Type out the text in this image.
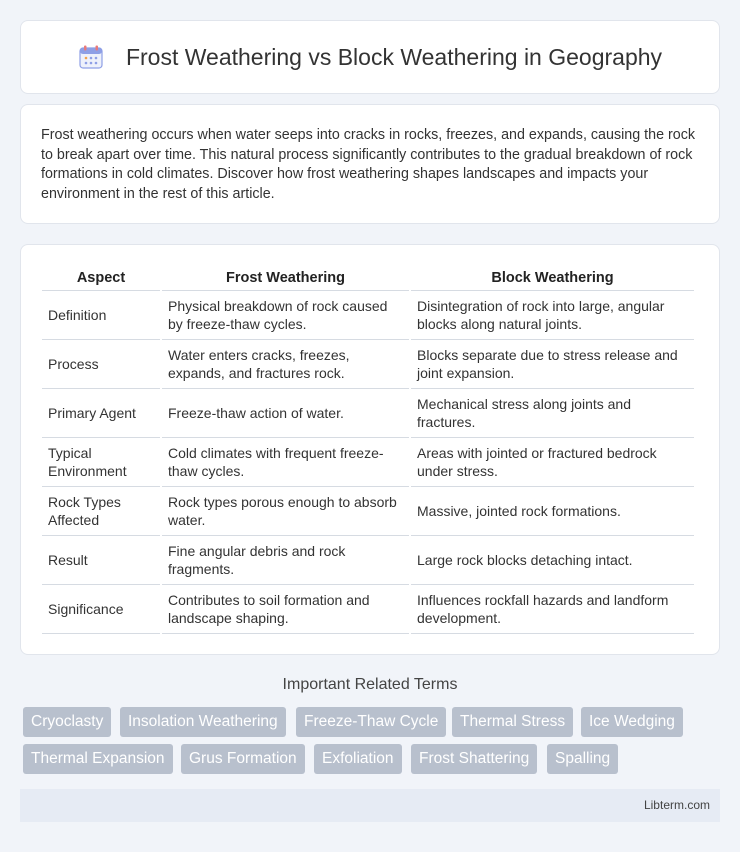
Frost Weathering vs Block Weathering in Geography

Frost weathering occurs when water seeps into cracks in rocks, freezes, and expands, causing the rock to break apart over time. This natural process significantly contributes to the gradual breakdown of rock formations in cold climates. Discover how frost weathering shapes landscapes and impacts your environment in the rest of this article.

Aspect	Frost Weathering	Block Weathering
Definition	Physical breakdown of rock caused by freeze-thaw cycles.	Disintegration of rock into large, angular blocks along natural joints.
Process	Water enters cracks, freezes, expands, and fractures rock.	Blocks separate due to stress release and joint expansion.
Primary Agent	Freeze-thaw action of water.	Mechanical stress along joints and fractures.
Typical Environment	Cold climates with frequent freeze-thaw cycles.	Areas with jointed or fractured bedrock under stress.
Rock Types Affected	Rock types porous enough to absorb water.	Massive, jointed rock formations.
Result	Fine angular debris and rock fragments.	Large rock blocks detaching intact.
Significance	Contributes to soil formation and landscape shaping.	Influences rockfall hazards and landform development.
Important Related Terms
Cryoclasty	Insolation Weathering	Freeze-Thaw Cycle	Thermal Stress	Ice Wedging
Thermal Expansion	Grus Formation	Exfoliation	Frost Shattering	Spalling
Libterm.com
